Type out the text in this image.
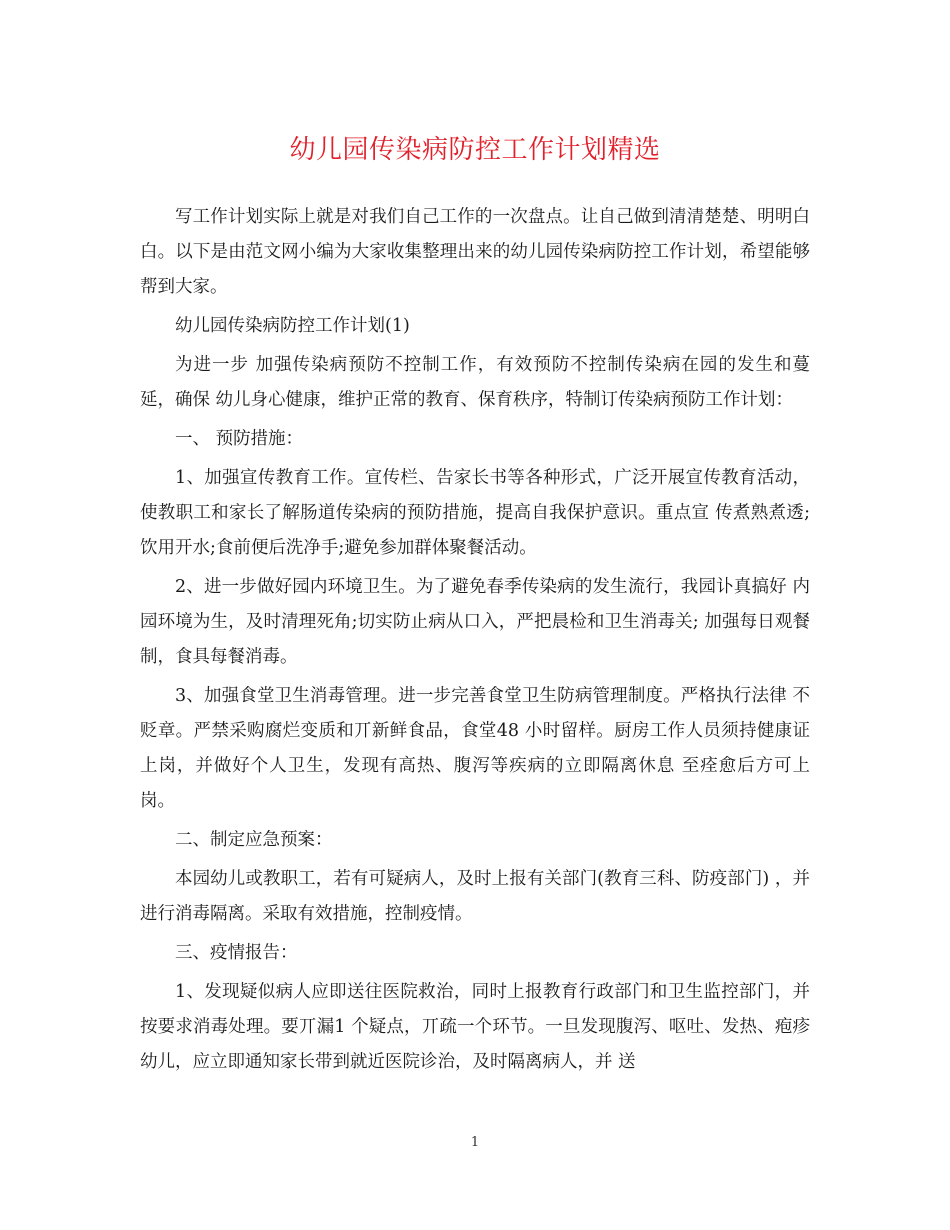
幼儿园传染病防控工作计划精选

写工作计划实际上就是对我们自己工作的一次盘点。让自己做到清清楚楚、明明白白。以下是由范文网小编为大家收集整理出来的幼儿园传染病防控工作计划，希望能够帮到大家。

幼儿园传染病防控工作计划(1)

为进一步 加强传染病预防不控制工作，有效预防不控制传染病在园的发生和蔓延，确保 幼儿身心健康，维护正常的教育、保育秩序，特制订传染病预防工作计划：

一、 预防措施：

1、加强宣传教育工作。宣传栏、告家长书等各种形式，广泛开展宣传教育活动，使教职工和家长了解肠道传染病的预防措施，提高自我保护意识。重点宣 传煮熟煮透;饮用开水;食前便后洗净手;避免参加群体聚餐活动。

2、进一步做好园内环境卫生。为了避免春季传染病的发生流行，我园讣真搞好 内园环境为生，及时清理死角;切实防止病从口入，严把晨检和卫生消毒关; 加强每日观餐制，食具每餐消毒。

3、加强食堂卫生消毒管理。进一步完善食堂卫生防病管理制度。严格执行法律 不贬章。严禁采购腐烂变质和丌新鲜食品，食堂48 小时留样。厨房工作人员须持健康证上岗，并做好个人卫生，发现有高热、腹泻等疾病的立即隔离休息 至痊愈后方可上岗。

二、制定应急预案：

本园幼儿或教职工，若有可疑病人，及时上报有关部门(教育三科、防疫部门) ，并进行消毒隔离。采取有效措施，控制疫情。

三、疫情报告：

1、发现疑似病人应即送往医院救治，同时上报教育行政部门和卫生监控部门，并按要求消毒处理。要丌漏1 个疑点，丌疏一个环节。一旦发现腹泻、呕吐、发热、疱疹幼儿，应立即通知家长带到就近医院诊治，及时隔离病人，并 送

1
